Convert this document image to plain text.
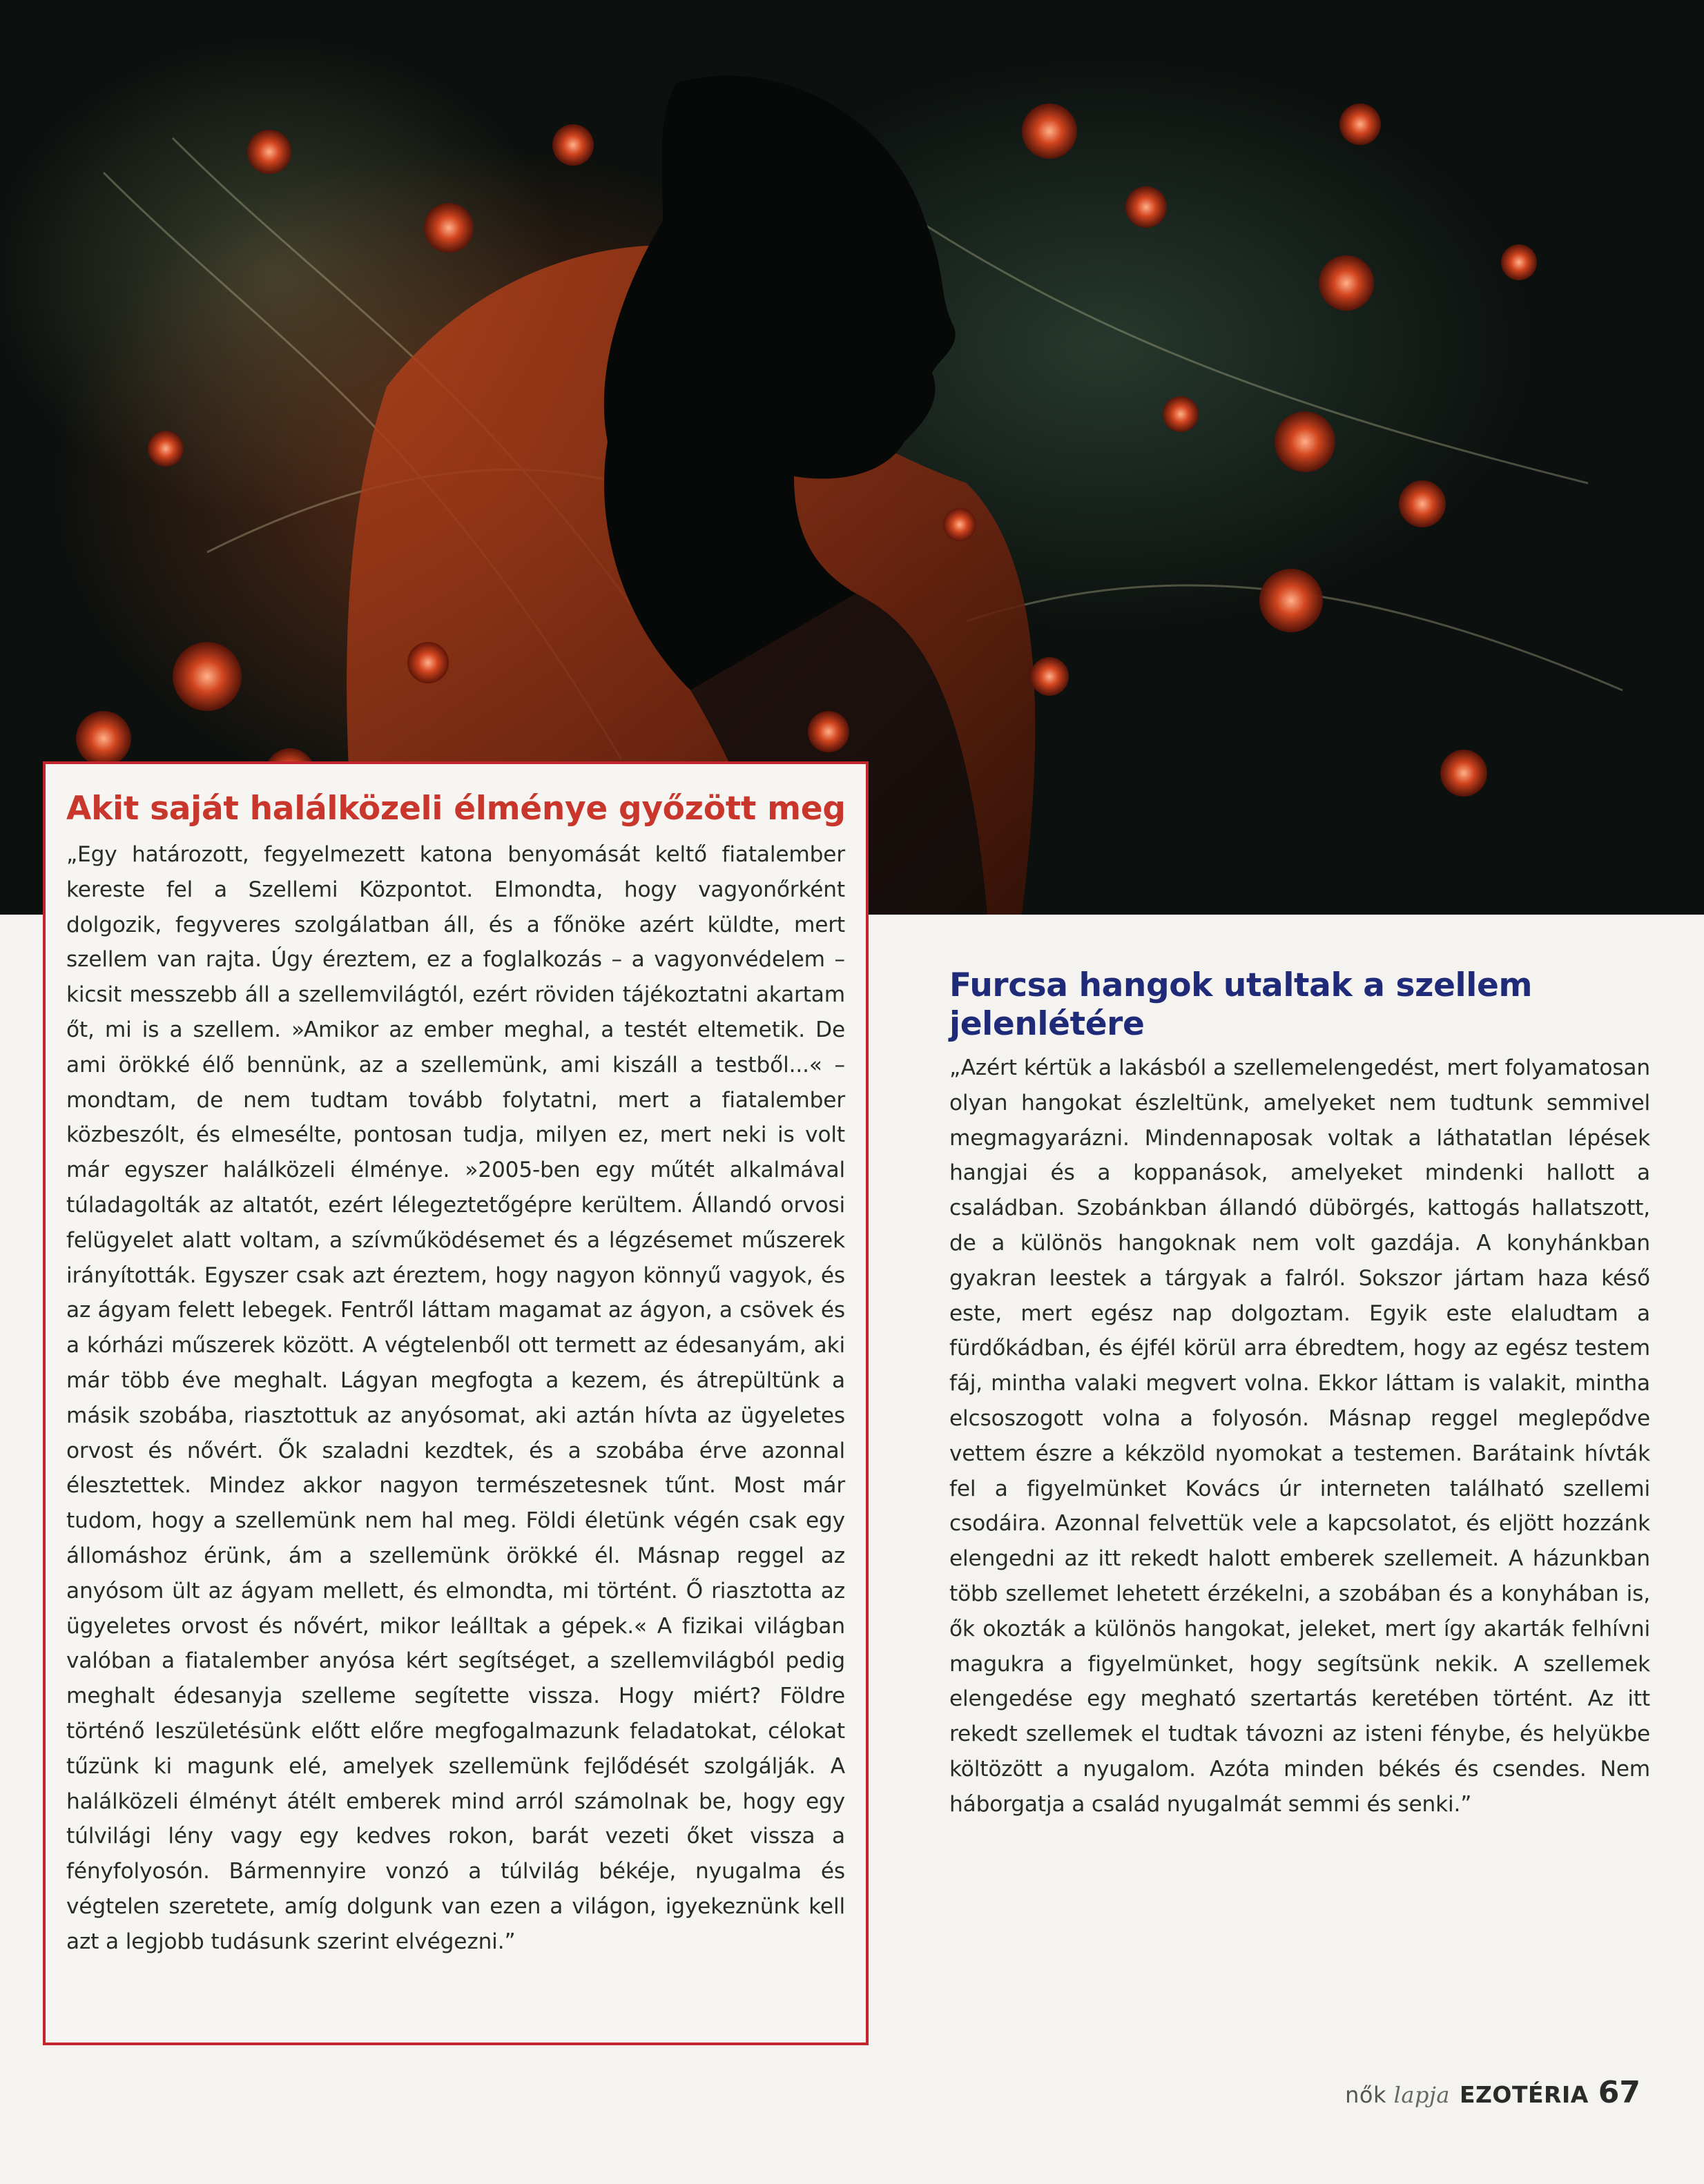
Akit saját halálközeli élménye győzött meg

„Egy határozott, fegyelmezett katona benyomását keltő fiatalember kereste fel a Szellemi Központot. Elmondta, hogy vagyonőrként dolgozik, fegyveres szolgálatban áll, és a főnöke azért küldte, mert szellem van rajta. Úgy éreztem, ez a foglalkozás – a vagyonvédelem – kicsit messzebb áll a szellemvilágtól, ezért röviden tájékoztatni akartam őt, mi is a szellem. »Amikor az ember meghal, a testét eltemetik. De ami örökké élő bennünk, az a szellemünk, ami kiszáll a testből...« – mondtam, de nem tudtam tovább folytatni, mert a fiatalember közbeszólt, és elmesélte, pontosan tudja, milyen ez, mert neki is volt már egyszer halálközeli élménye. »2005-ben egy műtét alkalmával túladagolták az altatót, ezért lélegeztetőgépre kerültem. Állandó orvosi felügyelet alatt voltam, a szívműködésemet és a légzésemet műszerek irányították. Egyszer csak azt éreztem, hogy nagyon könnyű vagyok, és az ágyam felett lebegek. Fentről láttam magamat az ágyon, a csövek és a kórházi műszerek között. A végtelenből ott termett az édesanyám, aki már több éve meghalt. Lágyan megfogta a kezem, és átrepültünk a másik szobába, riasztottuk az anyósomat, aki aztán hívta az ügyeletes orvost és nővért. Ők szaladni kezdtek, és a szobába érve azonnal élesztettek. Mindez akkor nagyon természetesnek tűnt. Most már tudom, hogy a szellemünk nem hal meg. Földi életünk végén csak egy állomáshoz érünk, ám a szellemünk örökké él. Másnap reggel az anyósom ült az ágyam mellett, és elmondta, mi történt. Ő riasztotta az ügyeletes orvost és nővért, mikor leálltak a gépek.« A fizikai világban valóban a fiatalember anyósa kért segítséget, a szellemvilágból pedig meghalt édesanyja szelleme segítette vissza. Hogy miért? Földre történő leszületésünk előtt előre megfogalmazunk feladatokat, célokat tűzünk ki magunk elé, amelyek szellemünk fejlődését szolgálják. A halálközeli élményt átélt emberek mind arról számolnak be, hogy egy túlvilági lény vagy egy kedves rokon, barát vezeti őket vissza a fényfolyosón. Bármennyire vonzó a túlvilág békéje, nyugalma és végtelen szeretete, amíg dolgunk van ezen a világon, igyekeznünk kell azt a legjobb tudásunk szerint elvégezni.”

Furcsa hangok utaltak a szellem jelenlétére

„Azért kértük a lakásból a szellemelengedést, mert folyamatosan olyan hangokat észleltünk, amelyeket nem tudtunk semmivel megmagyarázni. Mindennaposak voltak a láthatatlan lépések hangjai és a koppanások, amelyeket mindenki hallott a családban. Szobánkban állandó dübörgés, kattogás hallatszott, de a különös hangoknak nem volt gazdája. A konyhánkban gyakran leestek a tárgyak a falról. Sokszor jártam haza késő este, mert egész nap dolgoztam. Egyik este elaludtam a fürdőkádban, és éjfél körül arra ébredtem, hogy az egész testem fáj, mintha valaki megvert volna. Ekkor láttam is valakit, mintha elcsoszogott volna a folyosón. Másnap reggel meglepődve vettem észre a kékzöld nyomokat a testemen. Barátaink hívták fel a figyelmünket Kovács úr interneten található szellemi csodáira. Azonnal felvettük vele a kapcsolatot, és eljött hozzánk elengedni az itt rekedt halott emberek szellemeit. A házunkban több szellemet lehetett érzékelni, a szobában és a konyhában is, ők okozták a különös hangokat, jeleket, mert így akarták felhívni magukra a figyelmünket, hogy segítsünk nekik. A szellemek elengedése egy megható szertartás keretében történt. Az itt rekedt szellemek el tudtak távozni az isteni fénybe, és helyükbe költözött a nyugalom. Azóta minden békés és csendes. Nem háborgatja a család nyugalmát semmi és senki.”

nők lapja EZOTÉRIA 67
